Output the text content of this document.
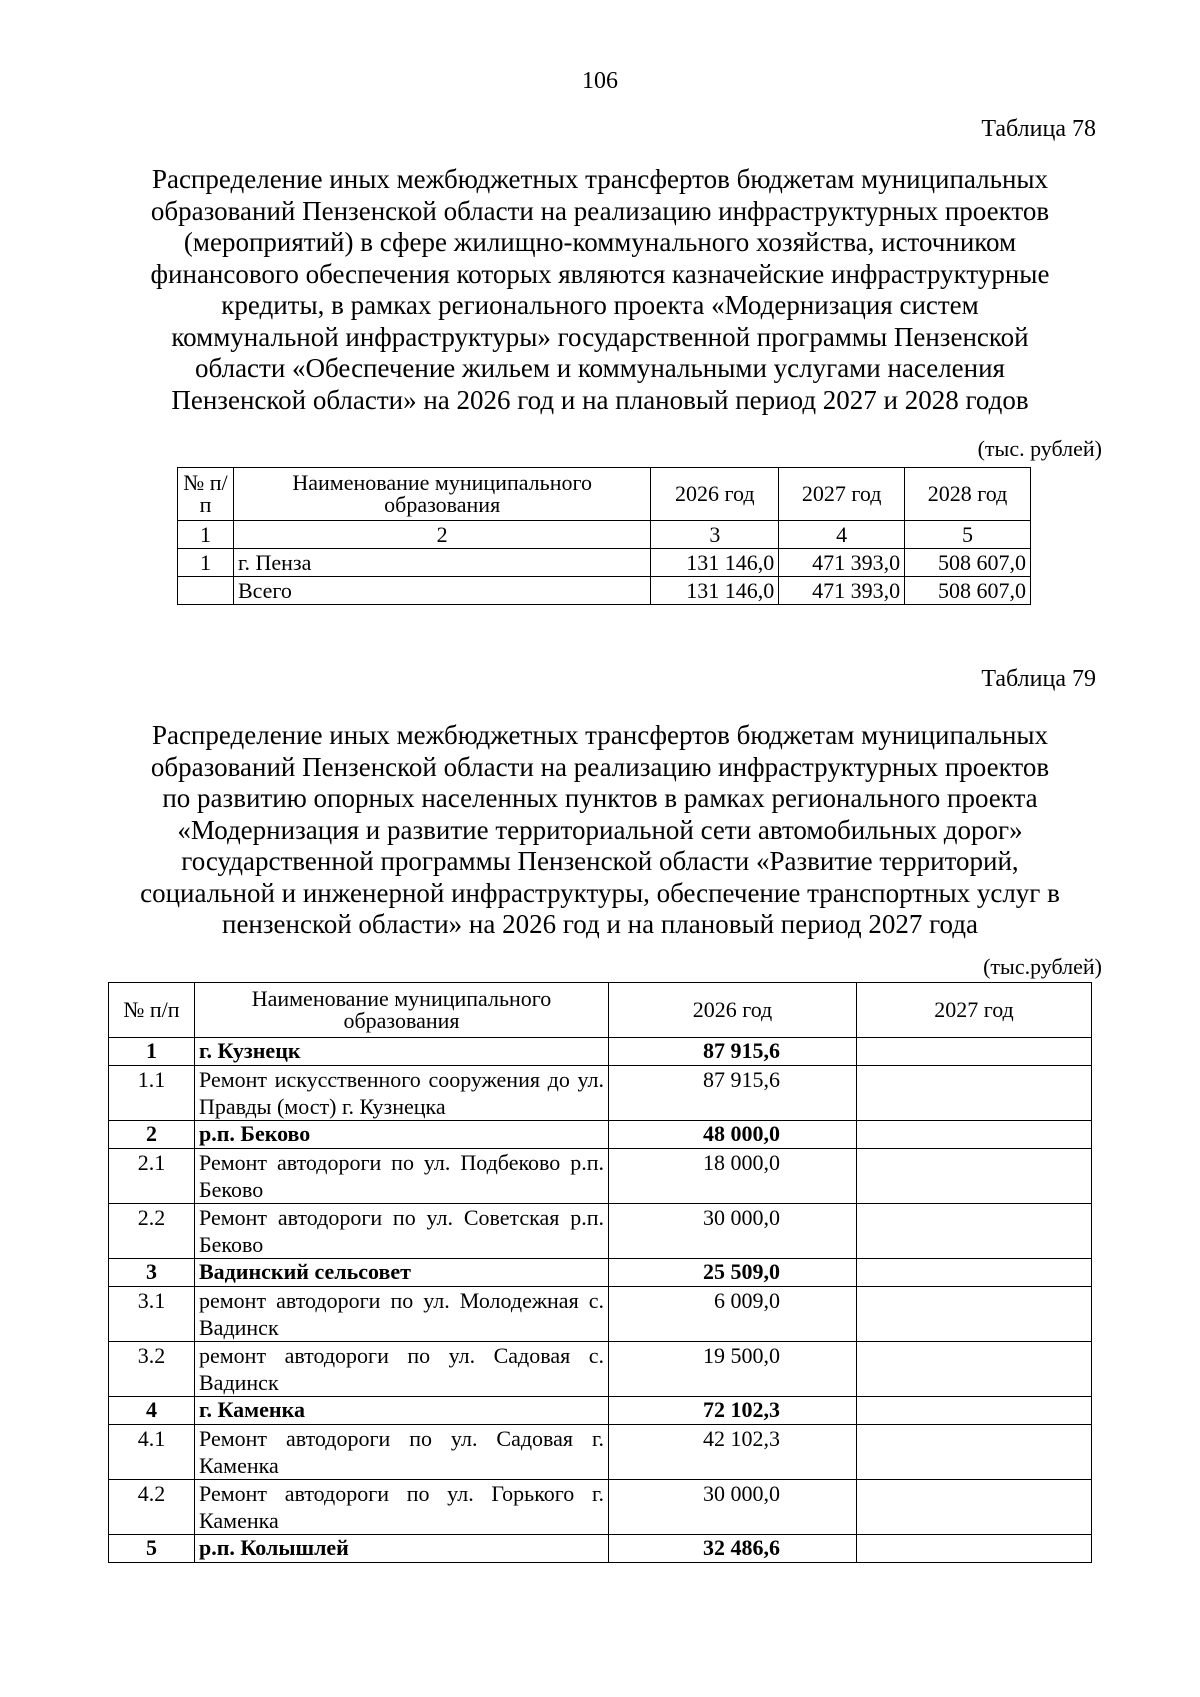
106
Таблица 78
Распределение иных межбюджетных трансфертов бюджетам муниципальных
образований Пензенской области на реализацию инфраструктурных проектов
(мероприятий) в сфере жилищно-коммунального хозяйства, источником
финансового обеспечения которых являются казначейские инфраструктурные
кредиты, в рамках регионального проекта «Модернизация систем
коммунальной инфраструктуры» государственной программы Пензенской
области «Обеспечение жильем и коммунальными услугами населения
Пензенской области» на 2026 год и на плановый период 2027 и 2028 годов
(тыс. рублей)
№ п/п	Наименование муниципального образования	2026 год	2027 год	2028 год
1	2	3	4	5
1	г. Пенза	131 146,0	471 393,0	508 607,0
	Всего	131 146,0	471 393,0	508 607,0
Таблица 79
Распределение иных межбюджетных трансфертов бюджетам муниципальных
образований Пензенской области на реализацию инфраструктурных проектов
по развитию опорных населенных пунктов в рамках регионального проекта
«Модернизация и развитие территориальной сети автомобильных дорог»
государственной программы Пензенской области «Развитие территорий,
социальной и инженерной инфраструктуры, обеспечение транспортных услуг в
пензенской области» на 2026 год и на плановый период 2027 года
(тыс.рублей)
№ п/п	Наименование муниципального образования	2026 год	2027 год
1	г. Кузнецк	87 915,6	
1.1	Ремонт искусственного сооружения до ул. Правды (мост) г. Кузнецка	87 915,6	
2	р.п. Беково	48 000,0	
2.1	Ремонт автодороги по ул. Подбеково р.п. Беково	18 000,0	
2.2	Ремонт автодороги по ул. Советская р.п. Беково	30 000,0	
3	Вадинский сельсовет	25 509,0	
3.1	ремонт автодороги по ул. Молодежная с. Вадинск	6 009,0	
3.2	ремонт автодороги по ул. Садовая с. Вадинск	19 500,0	
4	г. Каменка	72 102,3	
4.1	Ремонт автодороги по ул. Садовая г. Каменка	42 102,3	
4.2	Ремонт автодороги по ул. Горького г. Каменка	30 000,0	
5	р.п. Колышлей	32 486,6	
